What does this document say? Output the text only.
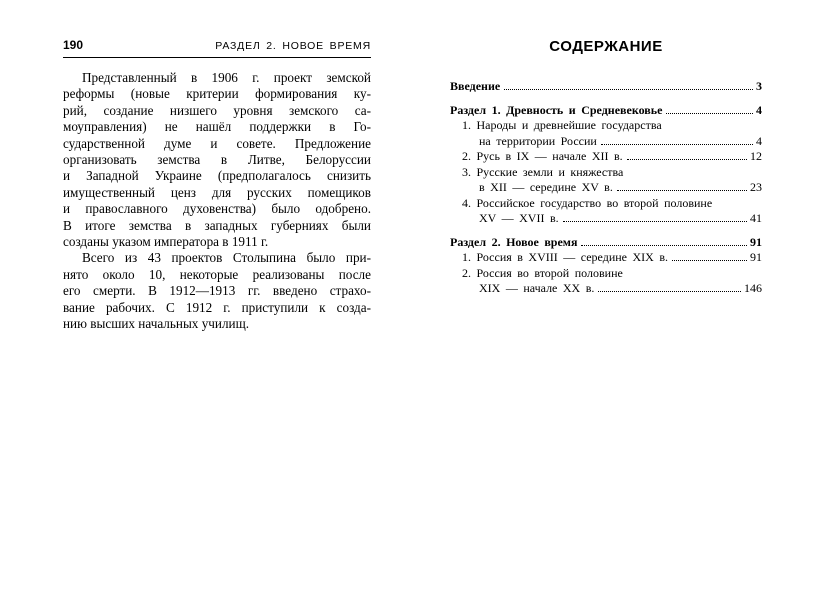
190	РАЗДЕЛ 2. НОВОЕ ВРЕМЯ
Представленный в 1906 г. проект земской
реформы (новые критерии формирования ку-
рий, создание низшего уровня земского са-
моуправления) не нашёл поддержки в Го-
сударственной думе и совете. Предложение
организовать земства в Литве, Белоруссии
и Западной Украине (предполагалось снизить
имущественный ценз для русских помещиков
и православного духовенства) было одобрено.
В итоге земства в западных губерниях были
созданы указом императора в 1911 г.
Всего из 43 проектов Столыпина было при-
нято около 10, некоторые реализованы после
его смерти. В 1912—1913 гг. введено страхо-
вание рабочих. С 1912 г. приступили к созда-
нию высших начальных училищ.
СОДЕРЖАНИЕ
Введение	3
Раздел 1. Древность и Средневековье	4
1. Народы и древнейшие государства
на территории России	4
2. Русь в IX — начале XII в.	12
3. Русские земли и княжества
в XII — середине XV в.	23
4. Российское государство во второй половине
XV — XVII в.	41
Раздел 2. Новое время	91
1. Россия в XVIII — середине XIX в.	91
2. Россия во второй половине
XIX — начале XX в.	146
